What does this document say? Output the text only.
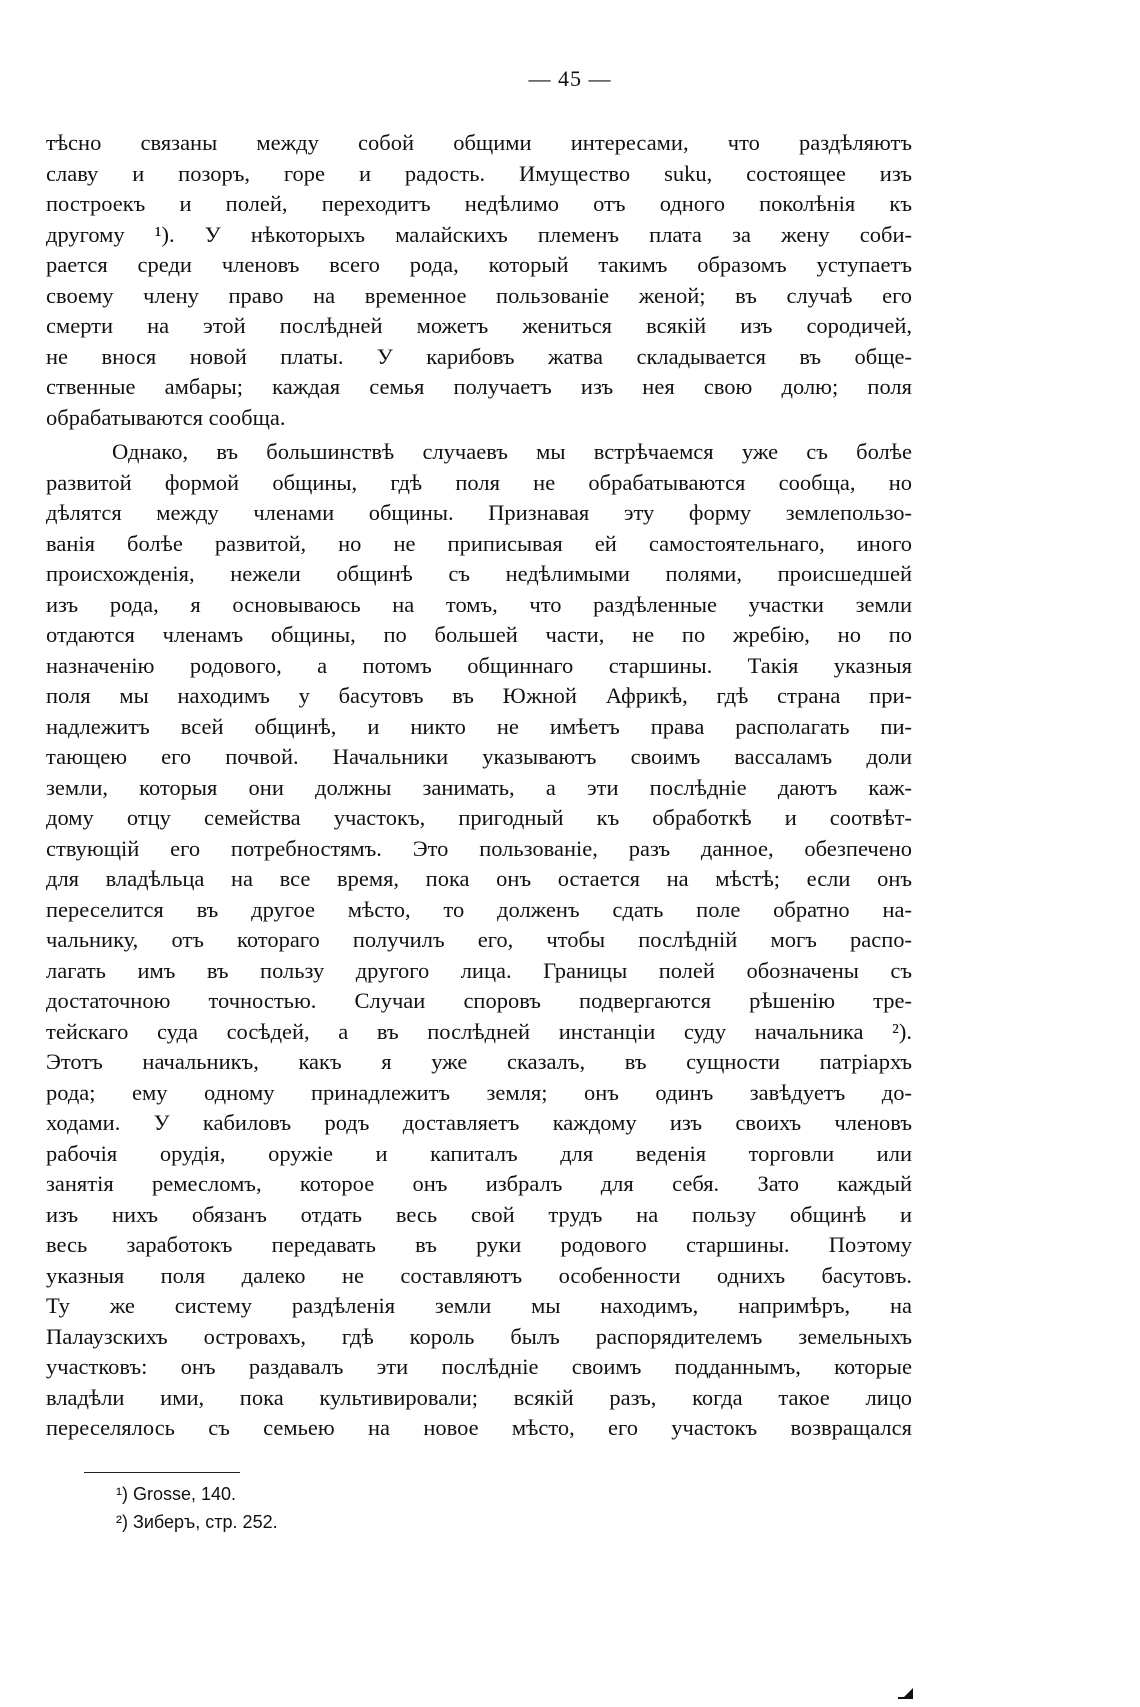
— 45 —
тѣсно связаны между собой общими интересами, что раздѣляютъ
славу и позоръ, горе и радость. Имущество suku, состоящее изъ
построекъ и полей, переходитъ недѣлимо отъ одного поколѣнія къ
другому ¹). У нѣкоторыхъ малайскихъ племенъ плата за жену соби-
рается среди членовъ всего рода, который такимъ образомъ уступаетъ
своему члену право на временное пользованіе женой; въ случаѣ его
смерти на этой послѣдней можетъ жениться всякій изъ сородичей,
не внося новой платы. У карибовъ жатва складывается въ обще-
ственные амбары; каждая семья получаетъ изъ нея свою долю; поля
обрабатываются сообща.
Однако, въ большинствѣ случаевъ мы встрѣчаемся уже съ болѣе
развитой формой общины, гдѣ поля не обрабатываются сообща, но
дѣлятся между членами общины. Признавая эту форму землепользо-
ванія болѣе развитой, но не приписывая ей самостоятельнаго, иного
происхожденія, нежели общинѣ съ недѣлимыми полями, происшедшей
изъ рода, я основываюсь на томъ, что раздѣленные участки земли
отдаются членамъ общины, по большей части, не по жребію, но по
назначенію родового, а потомъ общиннаго старшины. Такія указныя
поля мы находимъ у басутовъ въ Южной Африкѣ, гдѣ страна при-
надлежитъ всей общинѣ, и никто не имѣетъ права располагать пи-
тающею его почвой. Начальники указываютъ своимъ вассаламъ доли
земли, которыя они должны занимать, а эти послѣдніе даютъ каж-
дому отцу семейства участокъ, пригодный къ обработкѣ и соотвѣт-
ствующій его потребностямъ. Это пользованіе, разъ данное, обезпечено
для владѣльца на все время, пока онъ остается на мѣстѣ; если онъ
переселится въ другое мѣсто, то долженъ сдать поле обратно на-
чальнику, отъ котораго получилъ его, чтобы послѣдній могъ распо-
лагать имъ въ пользу другого лица. Границы полей обозначены съ
достаточною точностью. Случаи споровъ подвергаются рѣшенію тре-
тейскаго суда сосѣдей, а въ послѣдней инстанціи суду начальника ²).
Этотъ начальникъ, какъ я уже сказалъ, въ сущности патріархъ
рода; ему одному принадлежитъ земля; онъ одинъ завѣдуетъ до-
ходами. У кабиловъ родъ доставляетъ каждому изъ своихъ членовъ
рабочія орудія, оружіе и капиталъ для веденія торговли или
занятія ремесломъ, которое онъ избралъ для себя. Зато каждый
изъ нихъ обязанъ отдать весь свой трудъ на пользу общинѣ и
весь заработокъ передавать въ руки родового старшины. Поэтому
указныя поля далеко не составляютъ особенности однихъ басутовъ.
Ту же систему раздѣленія земли мы находимъ, напримѣръ, на
Палаузскихъ островахъ, гдѣ король былъ распорядителемъ земельныхъ
участковъ: онъ раздавалъ эти послѣдніе своимъ подданнымъ, которые
владѣли ими, пока культивировали; всякій разъ, когда такое лицо
переселялось съ семьею на новое мѣсто, его участокъ возвращался
¹) Grosse, 140.
²) Зиберъ, стр. 252.
